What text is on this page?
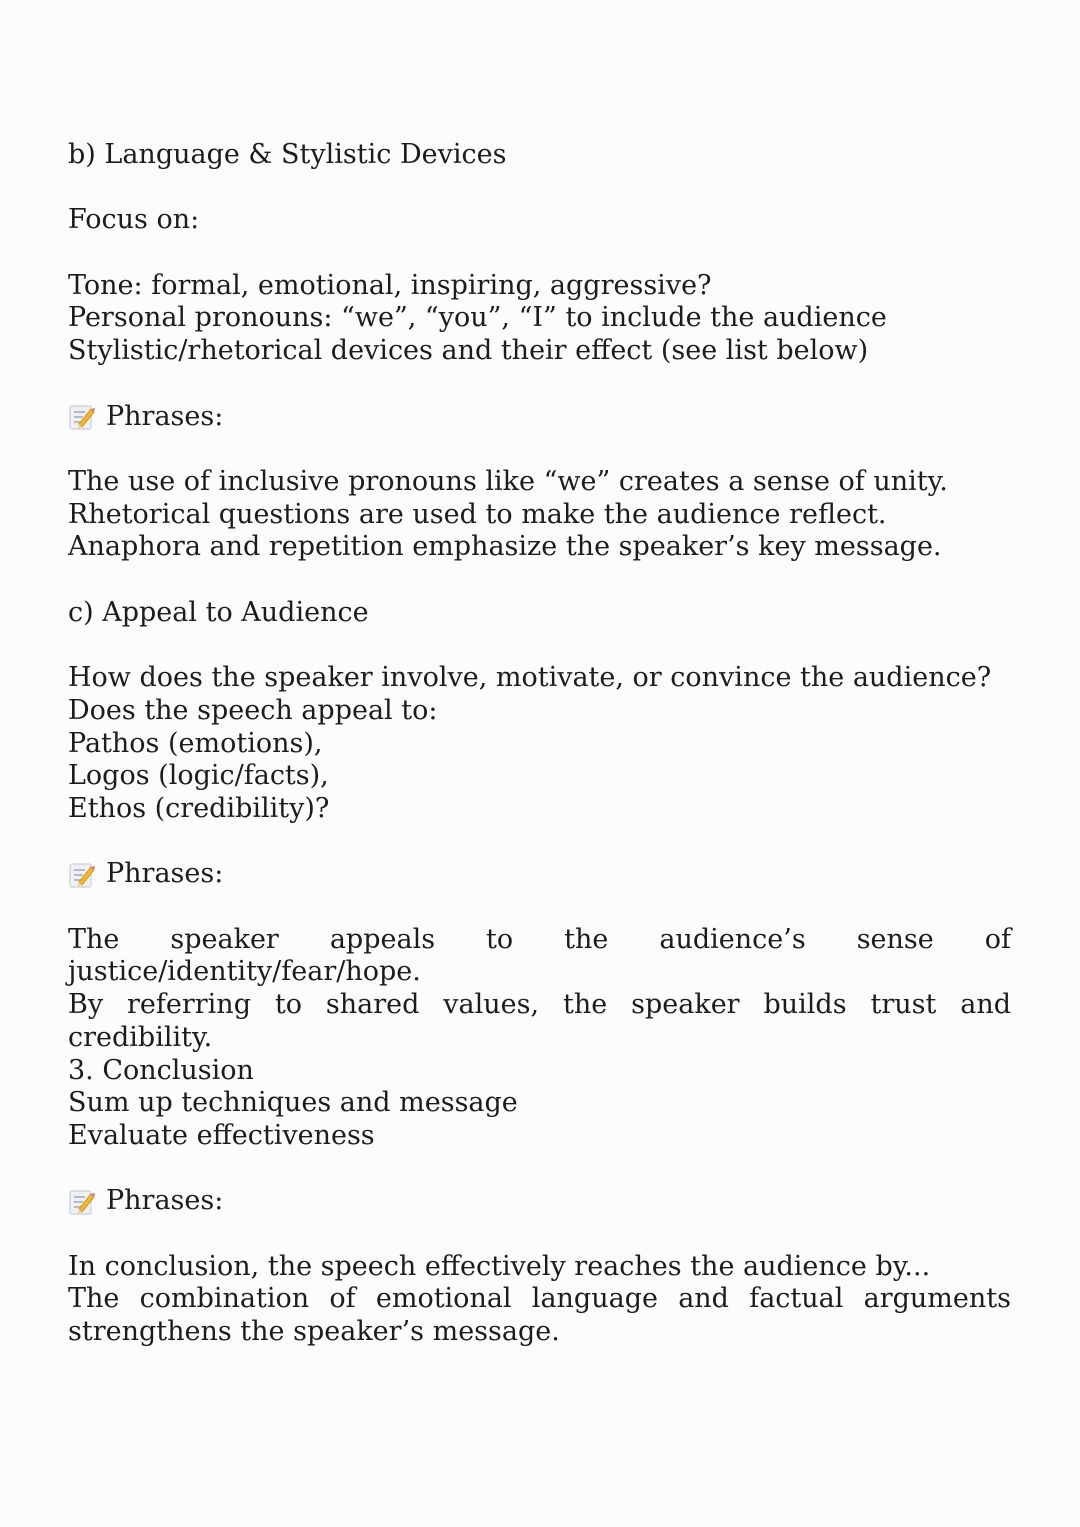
b) Language & Stylistic Devices
Focus on:
Tone: formal, emotional, inspiring, aggressive?
Personal pronouns: “we”, “you”, “I” to include the audience
Stylistic/rhetorical devices and their effect (see list below)
Phrases:
The use of inclusive pronouns like “we” creates a sense of unity.
Rhetorical questions are used to make the audience reflect.
Anaphora and repetition emphasize the speaker’s key message.
c) Appeal to Audience
How does the speaker involve, motivate, or convince the audience?
Does the speech appeal to:
Pathos (emotions),
Logos (logic/facts),
Ethos (credibility)?
Phrases:
The speaker appeals to the audience’s sense of justice/identity/fear/hope.
By referring to shared values, the speaker builds trust and credibility.
3. Conclusion
Sum up techniques and message
Evaluate effectiveness
Phrases:
In conclusion, the speech effectively reaches the audience by...
The combination of emotional language and factual arguments strengthens the speaker’s message.
